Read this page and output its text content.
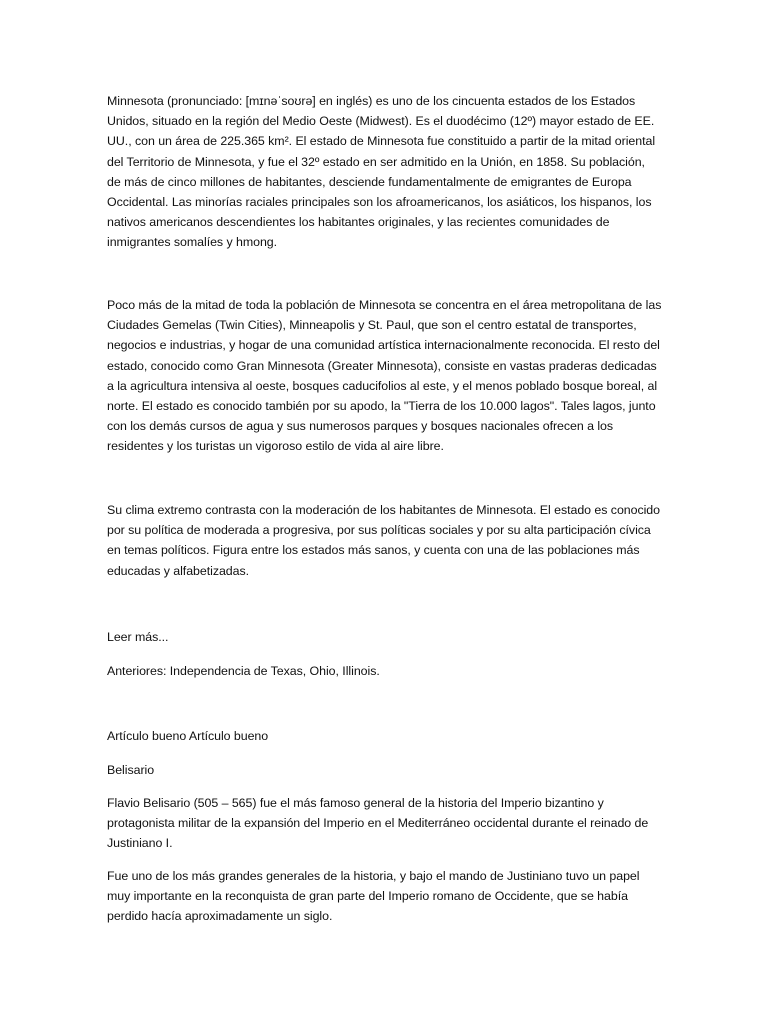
Minnesota (pronunciado: [mɪnəˈsoʊrə] en inglés) es uno de los cincuenta estados de los Estados Unidos, situado en la región del Medio Oeste (Midwest). Es el duodécimo (12º) mayor estado de EE. UU., con un área de 225.365 km². El estado de Minnesota fue constituido a partir de la mitad oriental del Territorio de Minnesota, y fue el 32º estado en ser admitido en la Unión, en 1858. Su población, de más de cinco millones de habitantes, desciende fundamentalmente de emigrantes de Europa Occidental. Las minorías raciales principales son los afroamericanos, los asiáticos, los hispanos, los nativos americanos descendientes los habitantes originales, y las recientes comunidades de inmigrantes somalíes y hmong.

Poco más de la mitad de toda la población de Minnesota se concentra en el área metropolitana de las Ciudades Gemelas (Twin Cities), Minneapolis y St. Paul, que son el centro estatal de transportes, negocios e industrias, y hogar de una comunidad artística internacionalmente reconocida. El resto del estado, conocido como Gran Minnesota (Greater Minnesota), consiste en vastas praderas dedicadas a la agricultura intensiva al oeste, bosques caducifolios al este, y el menos poblado bosque boreal, al norte. El estado es conocido también por su apodo, la "Tierra de los 10.000 lagos". Tales lagos, junto con los demás cursos de agua y sus numerosos parques y bosques nacionales ofrecen a los residentes y los turistas un vigoroso estilo de vida al aire libre.

Su clima extremo contrasta con la moderación de los habitantes de Minnesota. El estado es conocido por su política de moderada a progresiva, por sus políticas sociales y por su alta participación cívica en temas políticos. Figura entre los estados más sanos, y cuenta con una de las poblaciones más educadas y alfabetizadas.

Leer más...

Anteriores: Independencia de Texas, Ohio, Illinois.

Artículo bueno Artículo bueno

Belisario

Flavio Belisario (505 – 565) fue el más famoso general de la historia del Imperio bizantino y protagonista militar de la expansión del Imperio en el Mediterráneo occidental durante el reinado de Justiniano I.

Fue uno de los más grandes generales de la historia, y bajo el mando de Justiniano tuvo un papel muy importante en la reconquista de gran parte del Imperio romano de Occidente, que se había perdido hacía aproximadamente un siglo.
